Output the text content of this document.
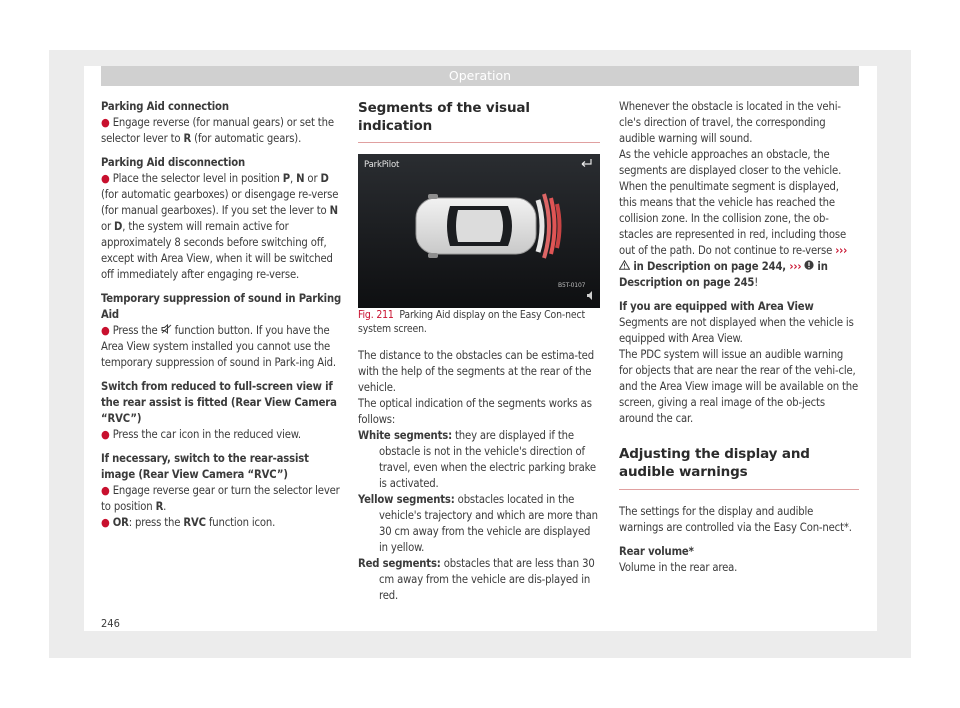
Operation

Parking Aid connection

● Engage reverse (for manual gears) or set the selector lever to R (for automatic gears).

Parking Aid disconnection

● Place the selector level in position P, N or D (for automatic gearboxes) or disengage re-verse (for manual gearboxes). If you set the lever to N or D, the system will remain active for approximately 8 seconds before switching off, except with Area View, when it will be switched off immediately after engaging re-verse.

Temporary suppression of sound in Parking Aid

● Press the  function button. If you have the Area View system installed you cannot use the temporary suppression of sound in Park-ing Aid.

Switch from reduced to full-screen view if the rear assist is fitted (Rear View Camera “RVC”)

● Press the car icon in the reduced view.

If necessary, switch to the rear-assist image (Rear View Camera “RVC”)

● Engage reverse gear or turn the selector lever to position R.

● OR: press the RVC function icon.

Segments of the visual indication
ParkPilot
B5T-0107

Fig. 211 Parking Aid display on the Easy Con-nect system screen.

The distance to the obstacles can be estima-ted with the help of the segments at the rear of the vehicle.

The optical indication of the segments works as follows:

White segments: they are displayed if the obstacle is not in the vehicle's direction of travel, even when the electric parking brake is activated.

Yellow segments: obstacles located in the vehicle's trajectory and which are more than 30 cm away from the vehicle are displayed in yellow.

Red segments: obstacles that are less than 30 cm away from the vehicle are dis-played in red.

Whenever the obstacle is located in the vehi-cle's direction of travel, the corresponding audible warning will sound.

As the vehicle approaches an obstacle, the segments are displayed closer to the vehicle. When the penultimate segment is displayed, this means that the vehicle has reached the collision zone. In the collision zone, the ob-stacles are represented in red, including those out of the path. Do not continue to re-verse ›››  in Description on page 244, ››› in Description on page 245!

If you are equipped with Area View

Segments are not displayed when the vehicle is equipped with Area View.

The PDC system will issue an audible warning for objects that are near the rear of the vehi-cle, and the Area View image will be available on the screen, giving a real image of the ob-jects around the car.

Adjusting the display and audible warnings

The settings for the display and audible warnings are controlled via the Easy Con-nect*.

Rear volume*

Volume in the rear area.

246
